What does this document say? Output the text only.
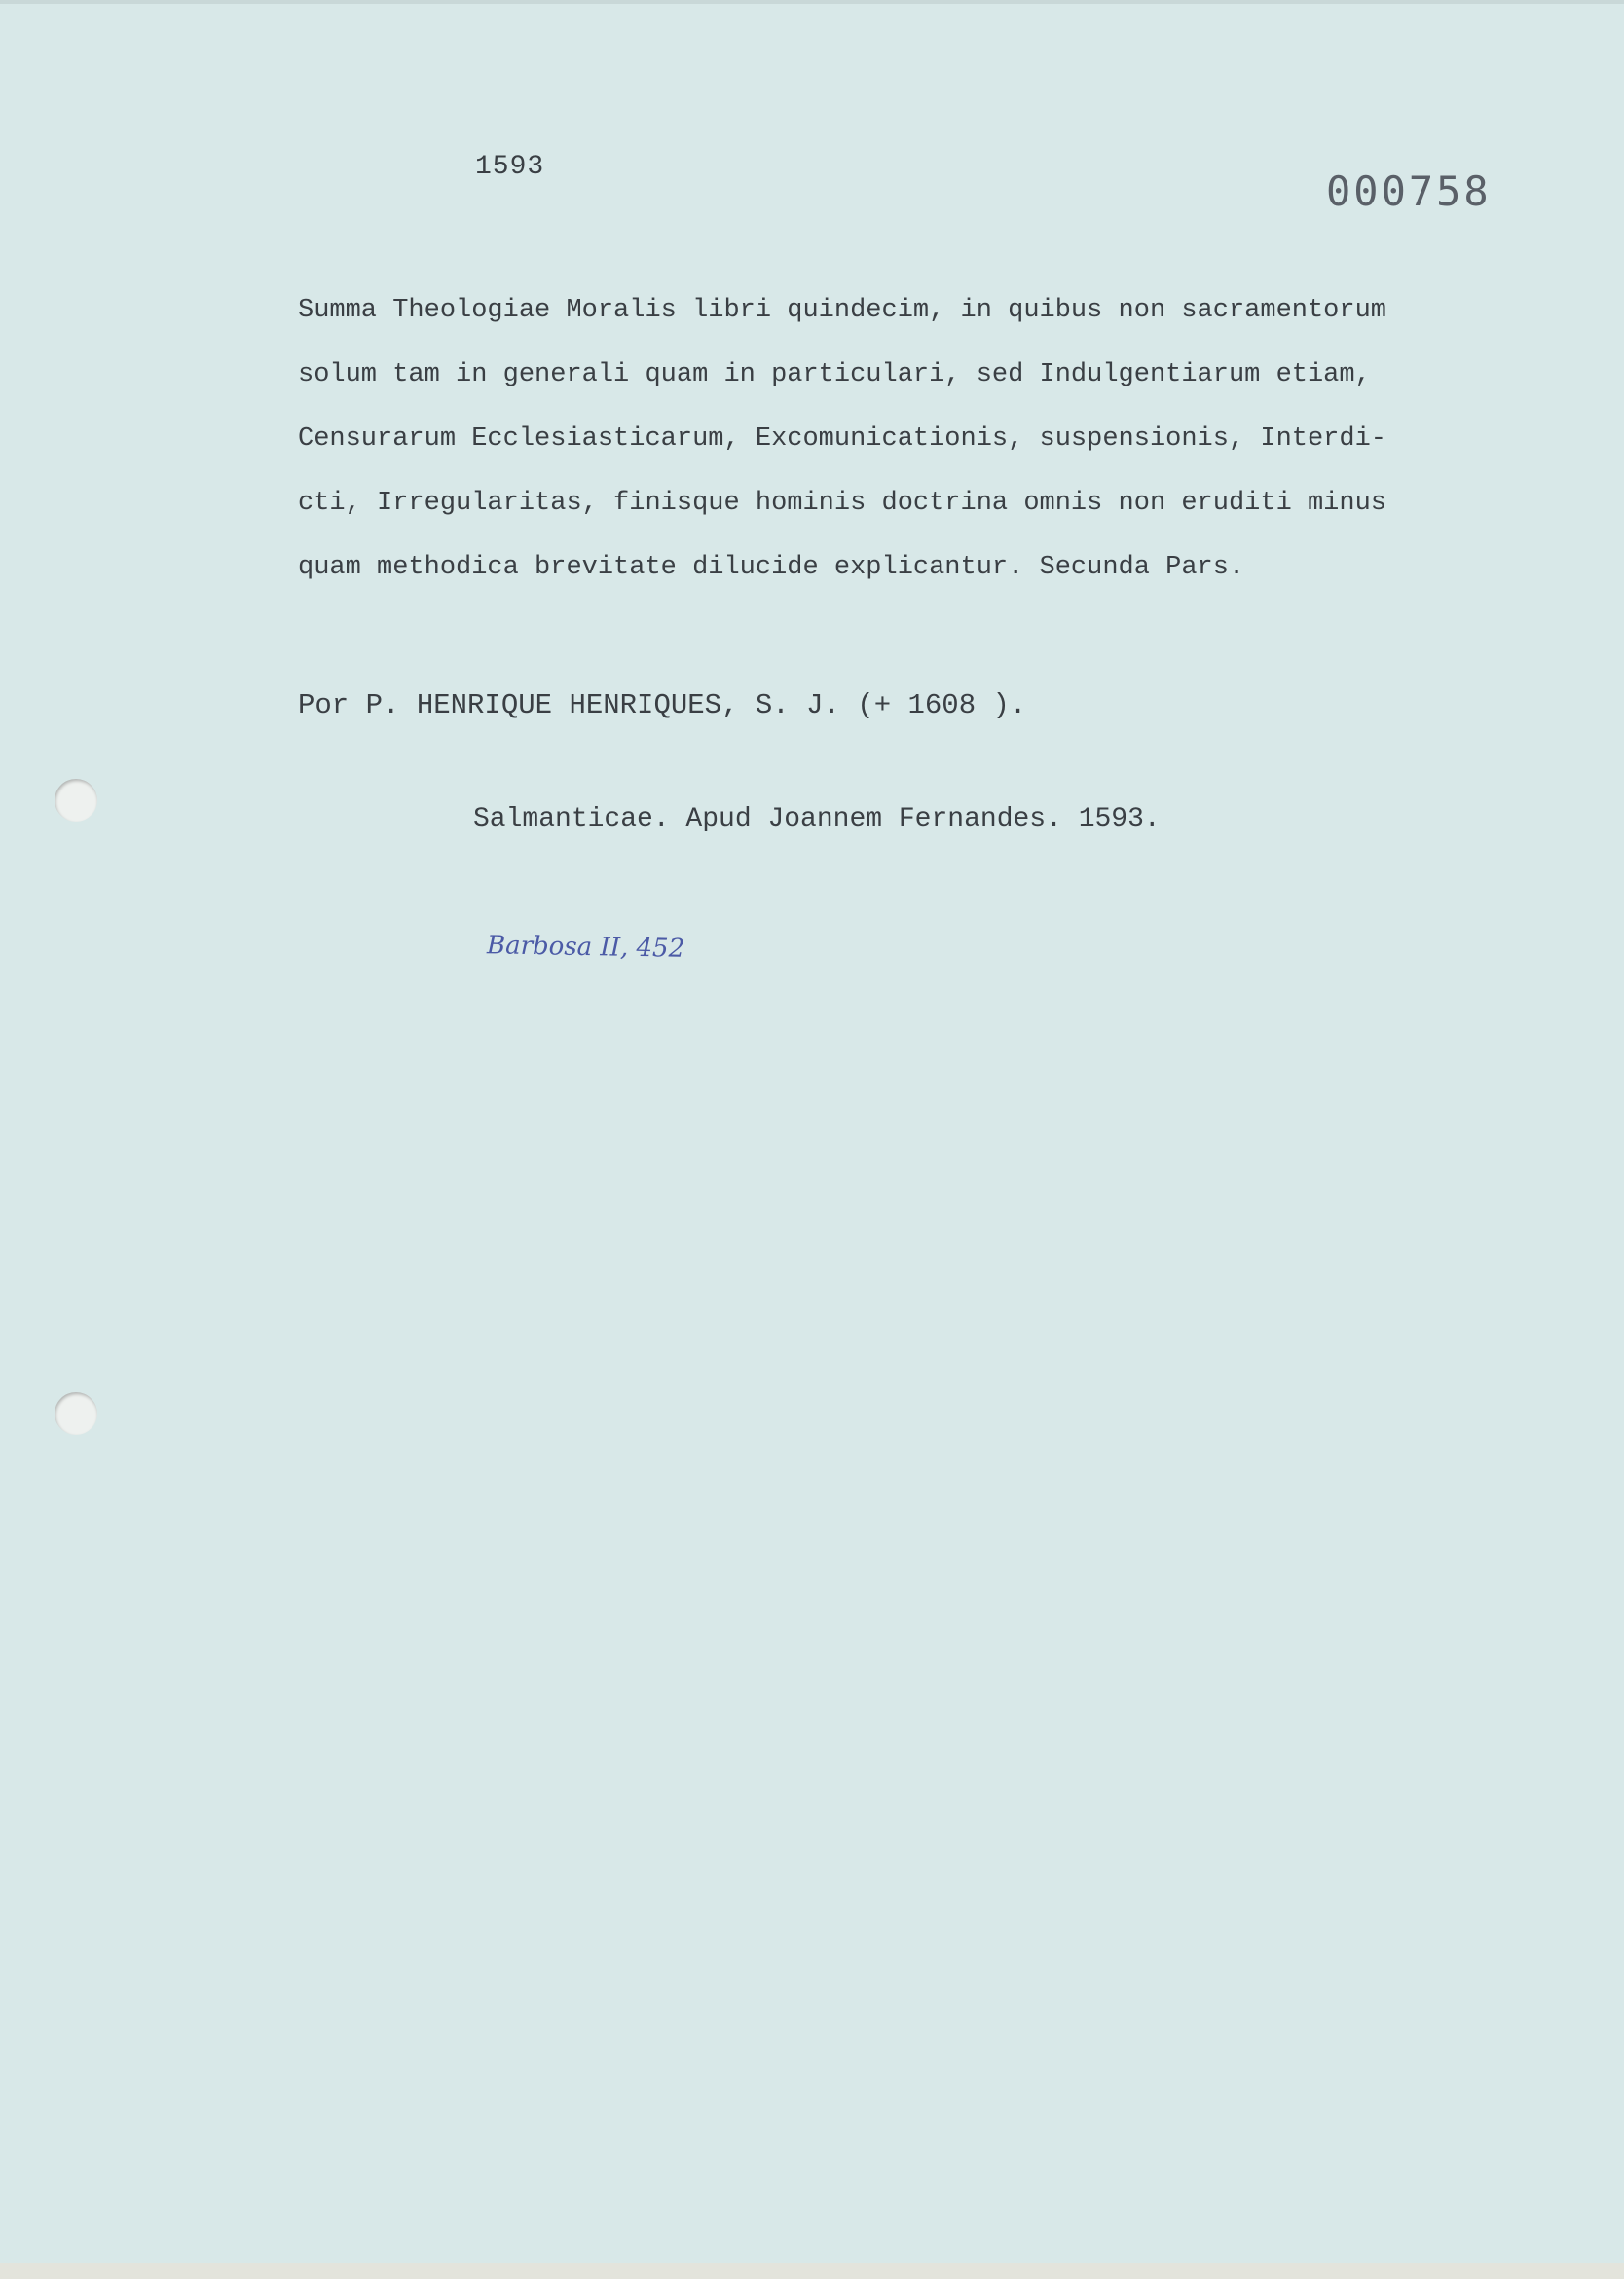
1593
000758
Summa Theologiae Moralis libri quindecim, in quibus non sacramentorum
solum tam in generali quam in particulari, sed Indulgentiarum etiam,
Censurarum Ecclesiasticarum, Excomunicationis, suspensionis, Interdi-
cti, Irregularitas, finisque hominis doctrina omnis non eruditi minus
quam methodica brevitate dilucide explicantur. Secunda Pars.
Por P. HENRIQUE HENRIQUES, S. J. (+ 1608 ).
Salmanticae. Apud Joannem Fernandes. 1593.
Barbosa II, 452
